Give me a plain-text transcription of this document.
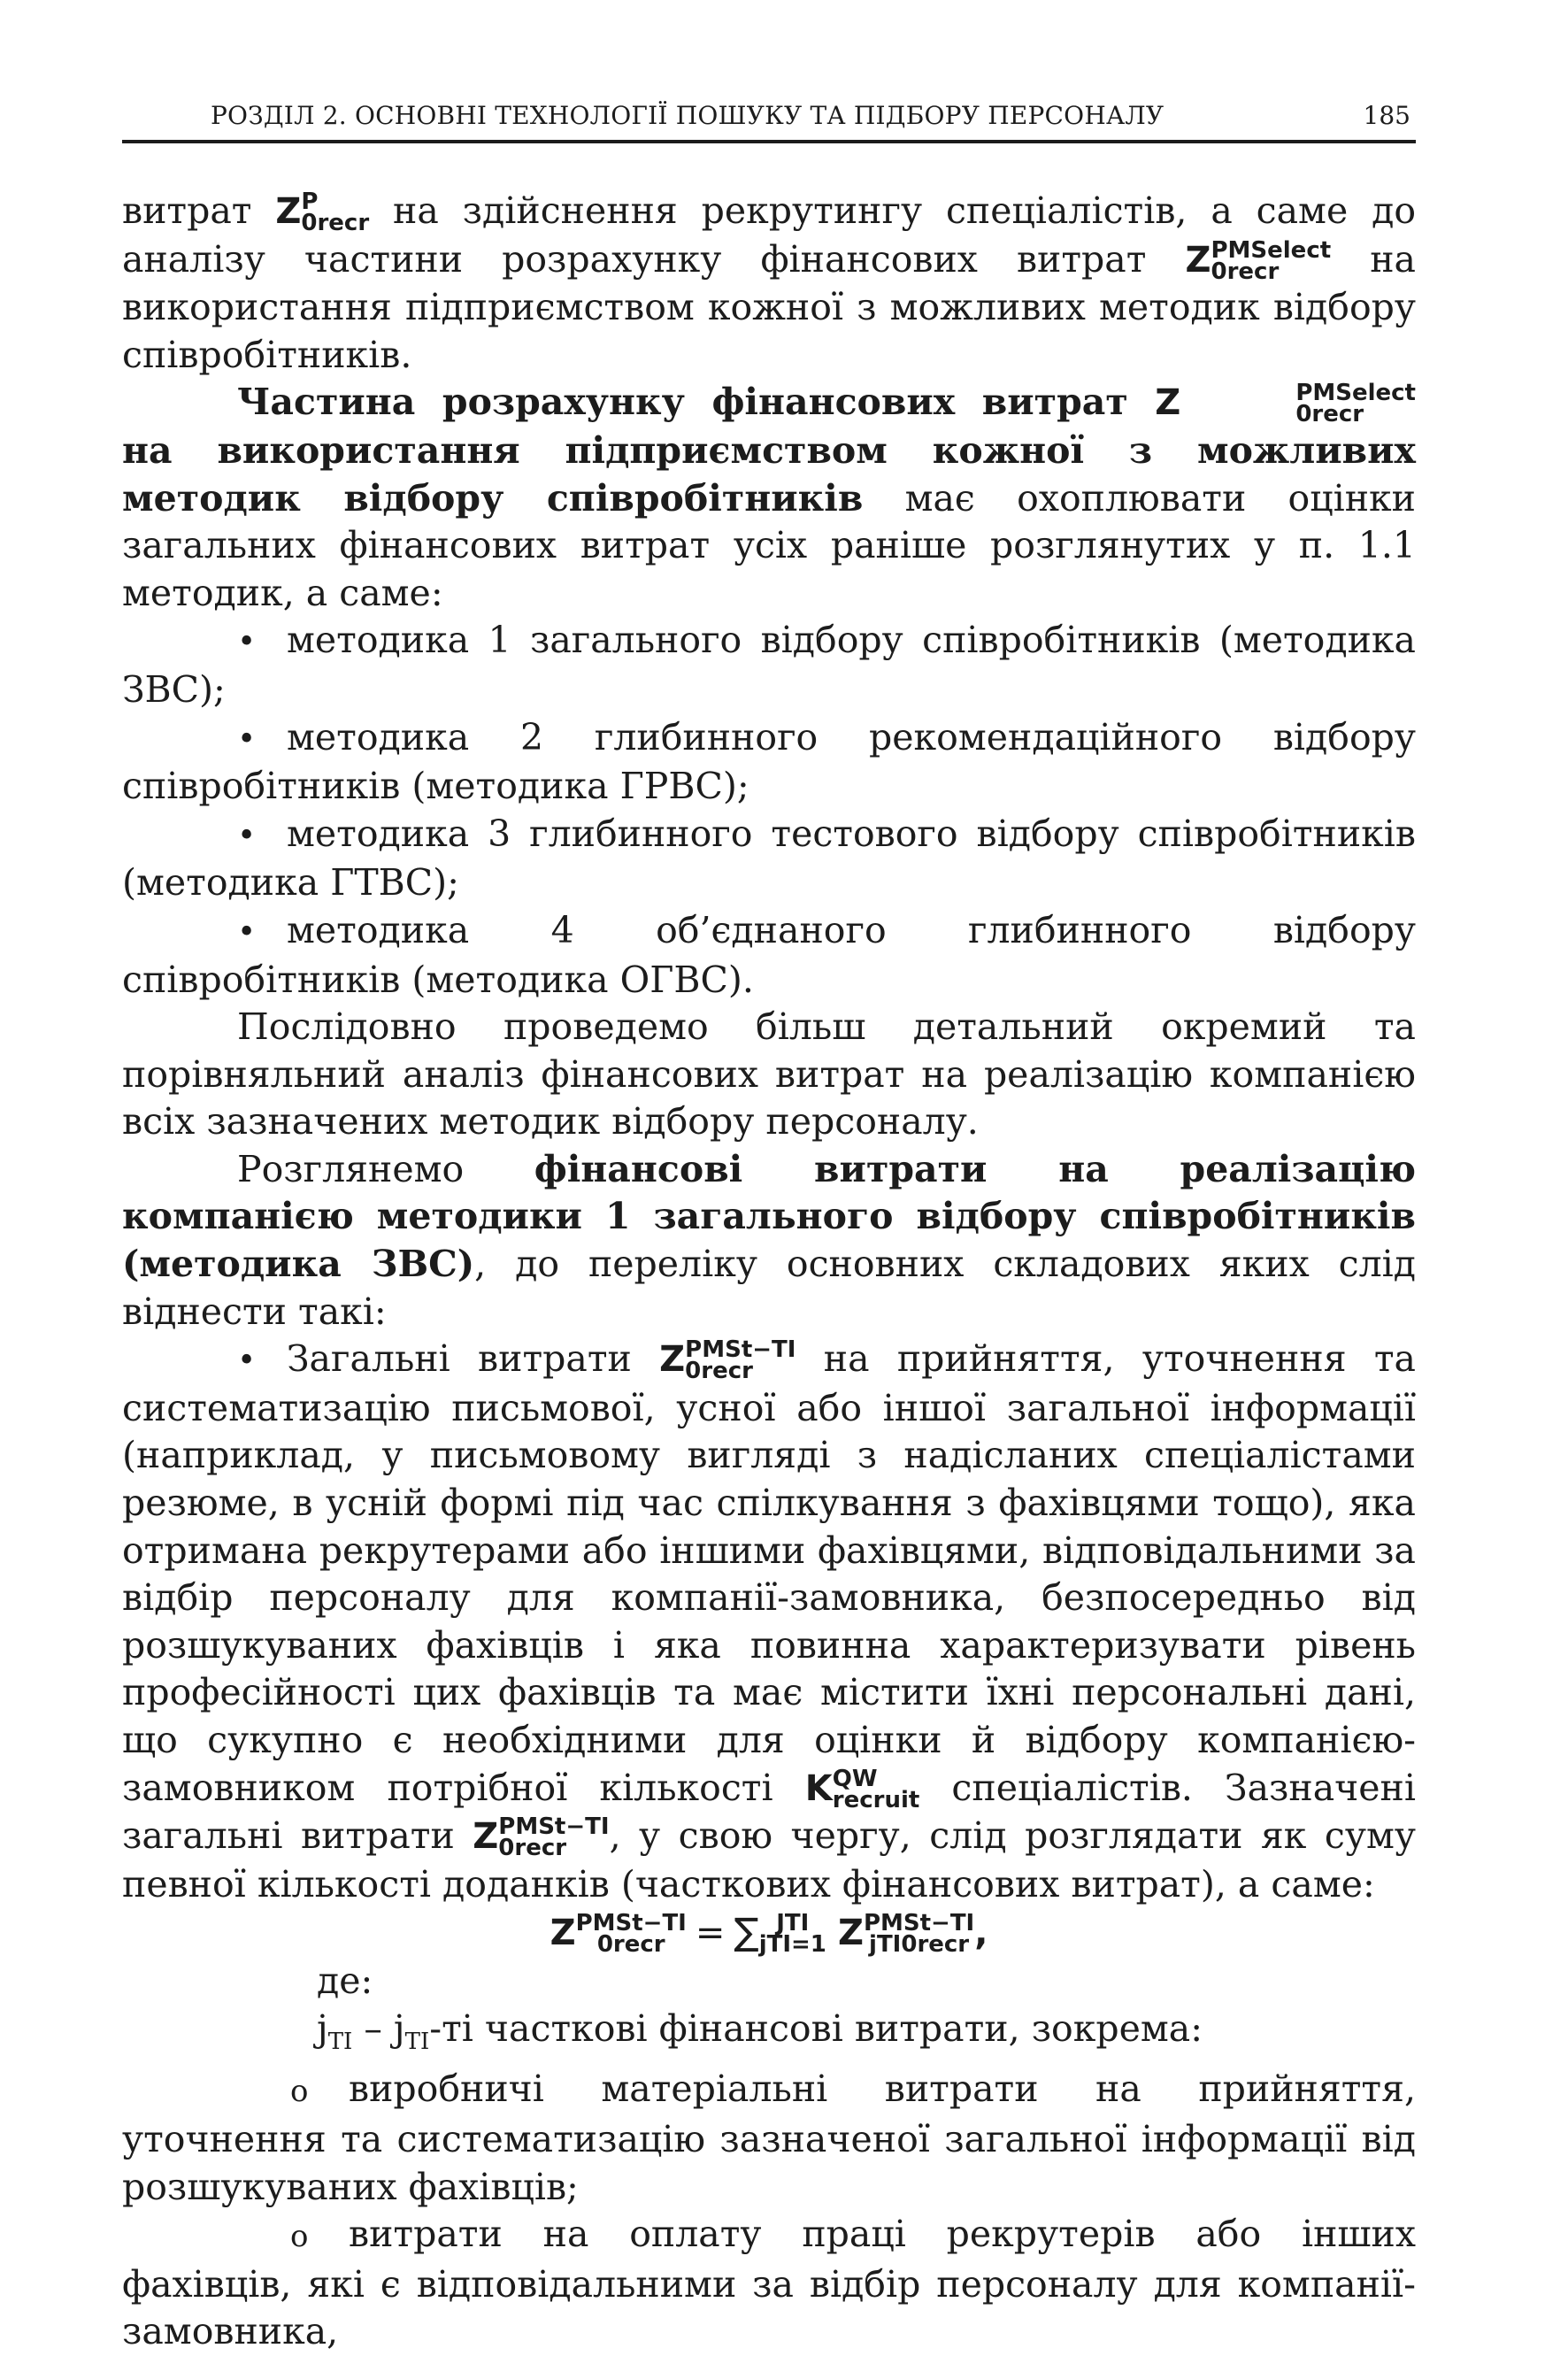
РОЗДІЛ 2. ОСНОВНІ ТЕХНОЛОГІЇ ПОШУКУ ТА ПІДБОРУ ПЕРСОНАЛУ	185

витрат Z P
0recr на здійснення рекрутингу спеціалістів, а саме до аналізу частини розрахунку фінансових витрат Z PMSelect
0recr	на використання підприємством кожної з можливих методик відбору співробітників.

Частина розрахунку фінансових витрат Z	PMSelect
0recr
на використання підприємством кожної з можливих методик відбору співробітників має охоплювати оцінки загальних фінансових витрат усіх раніше розглянутих у п. 1.1 методик, а саме:

•методика 1 загального відбору співробітників (методика ЗВС);

•методика 2 глибинного рекомендаційного відбору співробітників (методика ГРВС);

•методика 3 глибинного тестового відбору співробітників (методика ГТВС);

•методика 4 об’єднаного глибинного відбору співробітників (методика ОГВС).

Послідовно проведемо більш детальний окремий та порівняльний аналіз фінансових витрат на реалізацію компанією всіх зазначених методик відбору персоналу.

Розглянемо фінансові витрати на реалізацію компанією методики 1 загального відбору співробітників (методика ЗВС), до переліку основних складових яких слід віднести такі:

•Загальні витрати Z PMSt−TI
0recr	на прийняття, уточнення та систематизацію письмової, усної або іншої загальної інформації (наприклад, у письмовому вигляді з надісланих спеціалістами резюме, в усній формі під час спілкування з фахівцями тощо), яка отримана рекрутерами або іншими фахівцями, відповідальними за відбір персоналу для компанії-замовника, безпосередньо від розшукуваних фахівців і яка повинна характеризувати рівень професійності цих фахівців та має містити їхні персональні дані, що сукупно є необхідними для оцінки й відбору компанією-замовником потрібної кількості K QW
recruit спеціалістів. Зазначені загальні витрати Z PMSt−TI
0recr	, у свою чергу, слід розглядати як суму певної кількості доданків (часткових фінансових витрат), а саме:

Z PMSt−TI
0recr = ∑ JTI
jTI=1 Z PMSt−TI
jTI0recr ,

де:

$j_{TI} - j_{TI}-ті$ часткові фінансові витрати, зокрема:

oвиробничі матеріальні витрати на прийняття, уточнення та систематизацію зазначеної загальної інформації від розшукуваних фахівців;

oвитрати на оплату праці рекрутерів або інших фахівців, які є відповідальними за відбір персоналу для компанії-замовника,
